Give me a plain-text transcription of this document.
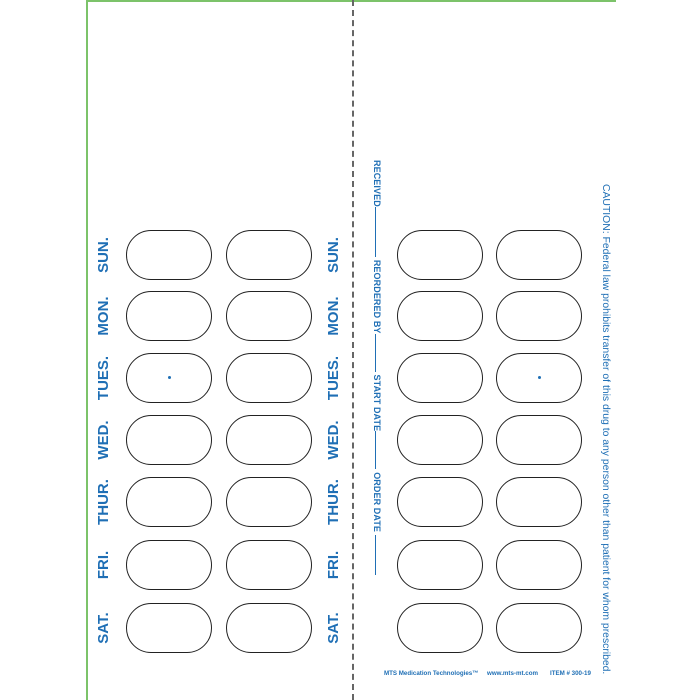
SUN.
MON.
TUES.
WED.
THUR.
FRI.
SAT.
SUN.
MON.
TUES.
WED.
THUR.
FRI.
SAT.
RECEIVEDREORDERED BYSTART DATEORDER DATE	CAUTION: Federal law prohibits transfer of this drug to any person other than patient for whom prescribed.
MTS Medication Technologies™ www.mts-mt.com ITEM # 300-19
